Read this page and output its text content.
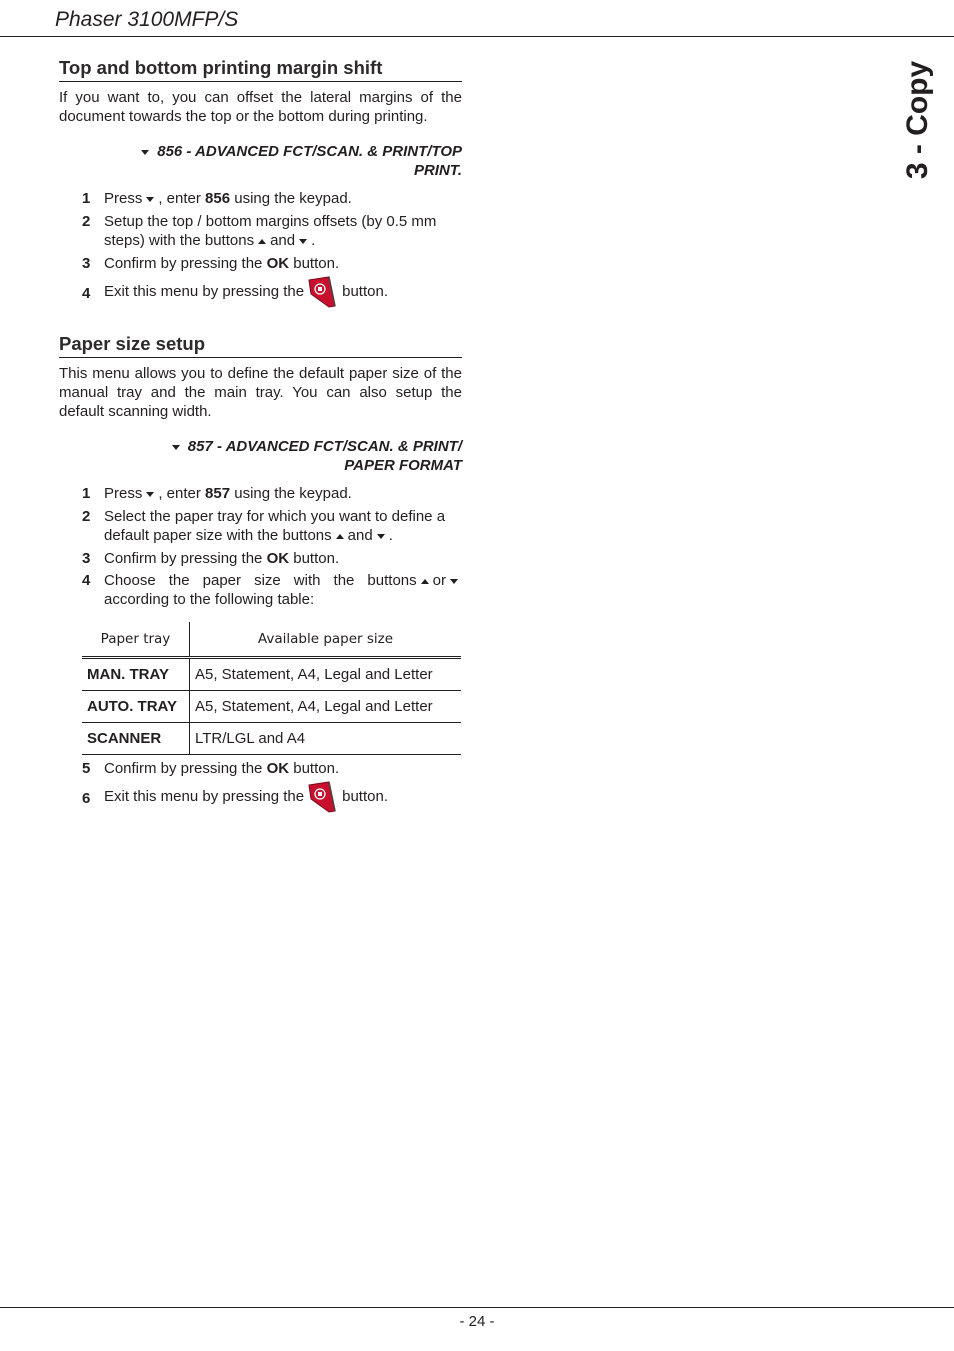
Phaser 3100MFP/S
3 - Copy
Top and bottom printing margin shift

If you want to, you can offset the lateral margins of the document towards the top or the bottom during printing.

856 - ADVANCED FCT/SCAN. & PRINT/TOP
PRINT.
1 Press , enter 856 using the keypad.
2 Setup the top / bottom margins offsets (by 0.5 mm steps) with the buttons and .
3 Confirm by pressing the OK button.
4 Exit this menu by pressing the	button.
Paper size setup

This menu allows you to define the default paper size of the manual tray and the main tray. You can also setup the default scanning width.

857 - ADVANCED FCT/SCAN. & PRINT/
PAPER FORMAT
1 Press , enter 857 using the keypad.
2 Select the paper tray for which you want to define a default paper size with the buttons and .
3 Confirm by pressing the OK button.
4 Choose the paper size with the buttons or according to the following table:
Paper tray	Available paper size
MAN. TRAY	A5, Statement, A4, Legal and Letter
AUTO. TRAY	A5, Statement, A4, Legal and Letter
SCANNER	LTR/LGL and A4
5 Confirm by pressing the OK button.
6 Exit this menu by pressing the	button.
- 24 -
